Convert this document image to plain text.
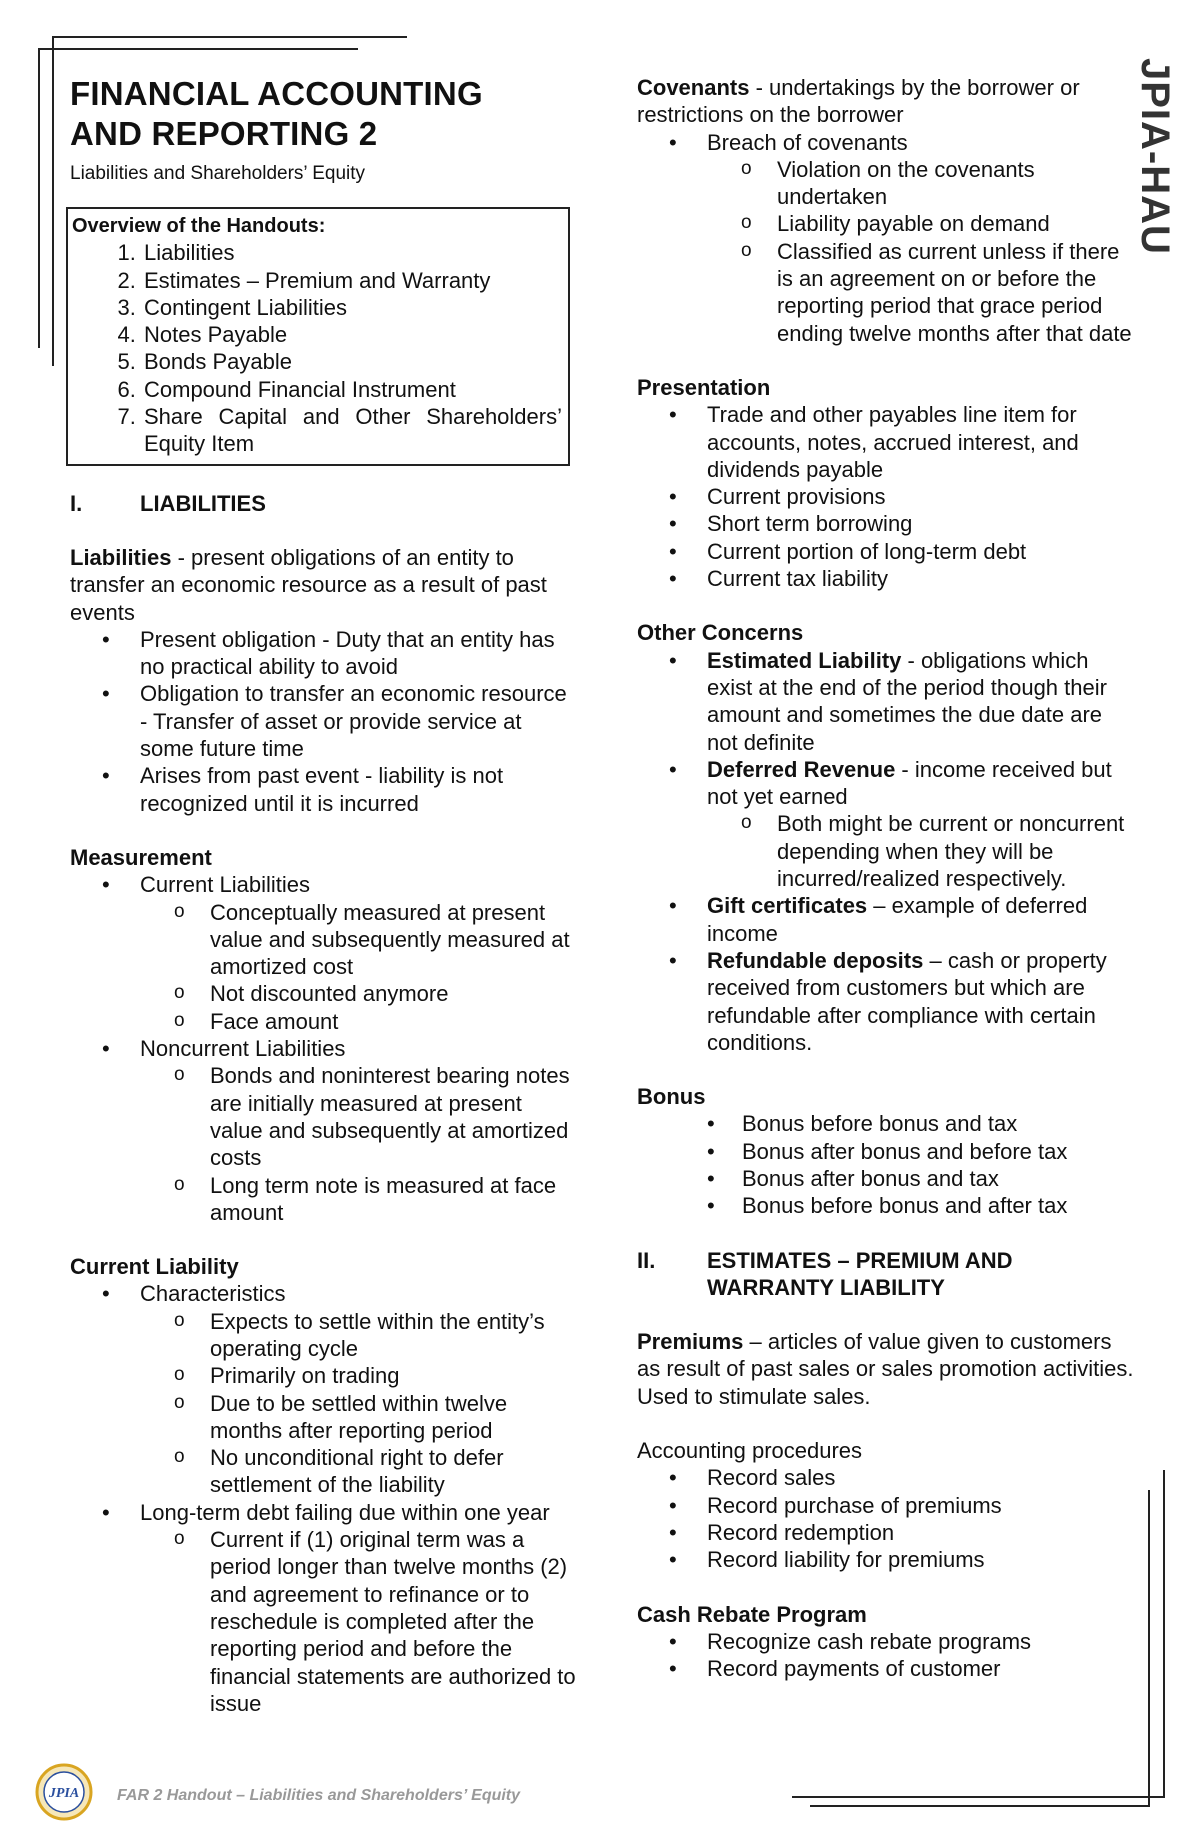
JPIA-HAU
FINANCIAL ACCOUNTING
AND REPORTING 2
Liabilities and Shareholders’ Equity
Overview of the Handouts:
1. Liabilities
2. Estimates – Premium and Warranty
3. Contingent Liabilities
4. Notes Payable
5. Bonds Payable
6. Compound Financial Instrument
7. Share Capital and Other Shareholders’ Equity Item
I.	LIABILITIES
Liabilities - present obligations of an entity to transfer an economic resource as a result of past events
• Present obligation - Duty that an entity has no practical ability to avoid
• Obligation to transfer an economic resource - Transfer of asset or provide service at some future time
• Arises from past event - liability is not recognized until it is incurred
Measurement
• Current Liabilities
o Conceptually measured at present value and subsequently measured at amortized cost
o Not discounted anymore
o Face amount
• Noncurrent Liabilities
o Bonds and noninterest bearing notes are initially measured at present value and subsequently at amortized costs
o Long term note is measured at face amount
Current Liability
• Characteristics
o Expects to settle within the entity’s operating cycle
o Primarily on trading
o Due to be settled within twelve months after reporting period
o No unconditional right to defer settlement of the liability
• Long-term debt failing due within one year
o Current if (1) original term was a period longer than twelve months (2) and agreement to refinance or to reschedule is completed after the reporting period and before the financial statements are authorized to issue
Covenants - undertakings by the borrower or restrictions on the borrower
• Breach of covenants
o Violation on the covenants undertaken
o Liability payable on demand
o Classified as current unless if there is an agreement on or before the reporting period that grace period ending twelve months after that date
Presentation
• Trade and other payables line item for accounts, notes, accrued interest, and dividends payable
• Current provisions
• Short term borrowing
• Current portion of long-term debt
• Current tax liability
Other Concerns
• Estimated Liability - obligations which exist at the end of the period though their amount and sometimes the due date are not definite
• Deferred Revenue - income received but not yet earned
o Both might be current or noncurrent depending when they will be incurred/realized respectively.
• Gift certificates – example of deferred income
• Refundable deposits – cash or property received from customers but which are refundable after compliance with certain conditions.
Bonus
• Bonus before bonus and tax
• Bonus after bonus and before tax
• Bonus after bonus and tax
• Bonus before bonus and after tax
II.	ESTIMATES – PREMIUM AND
WARRANTY LIABILITY

Premiums – articles of value given to customers as result of past sales or sales promotion activities. Used to stimulate sales.

Accounting procedures
• Record sales
• Record purchase of premiums
• Record redemption
• Record liability for premiums
Cash Rebate Program
• Recognize cash rebate programs
• Record payments of customer
JPIA FAR 2 Handout – Liabilities and Shareholders’ Equity
